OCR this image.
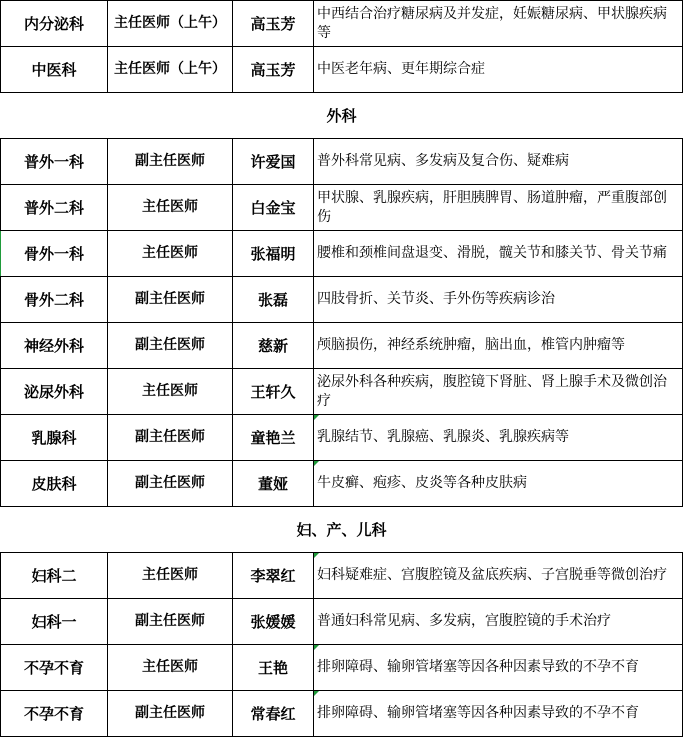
内分泌科	主任医师（上午）	高玉芳	中西结合治疗糖尿病及并发症，妊娠糖尿病、甲状腺疾病等
中医科	主任医师（上午）	高玉芳	中医老年病、更年期综合症
外科			
普外一科	副主任医师	许爱国	普外科常见病、多发病及复合伤、疑难病
普外二科	主任医师	白金宝	甲状腺、乳腺疾病，肝胆胰脾胃、肠道肿瘤，严重腹部创伤
骨外一科	主任医师	张福明	腰椎和颈椎间盘退变、滑脱，髋关节和膝关节、骨关节痛
骨外二科	副主任医师	张磊	四肢骨折、关节炎、手外伤等疾病诊治
神经外科	副主任医师	慈新	颅脑损伤，神经系统肿瘤，脑出血，椎管内肿瘤等
泌尿外科	主任医师	王轩久	泌尿外科各种疾病，腹腔镜下肾脏、肾上腺手术及微创治疗
乳腺科	副主任医师	童艳兰	乳腺结节、乳腺癌、乳腺炎、乳腺疾病等
皮肤科	副主任医师	董娅	牛皮癣、疱疹、皮炎等各种皮肤病
妇、产、儿科			
妇科二	主任医师	李翠红	妇科疑难症、宫腹腔镜及盆底疾病、子宫脱垂等微创治疗
妇科一	副主任医师	张媛媛	普通妇科常见病、多发病，宫腹腔镜的手术治疗
不孕不育	主任医师	王艳	排卵障碍、输卵管堵塞等因各种因素导致的不孕不育
不孕不育	副主任医师	常春红	排卵障碍、输卵管堵塞等因各种因素导致的不孕不育
